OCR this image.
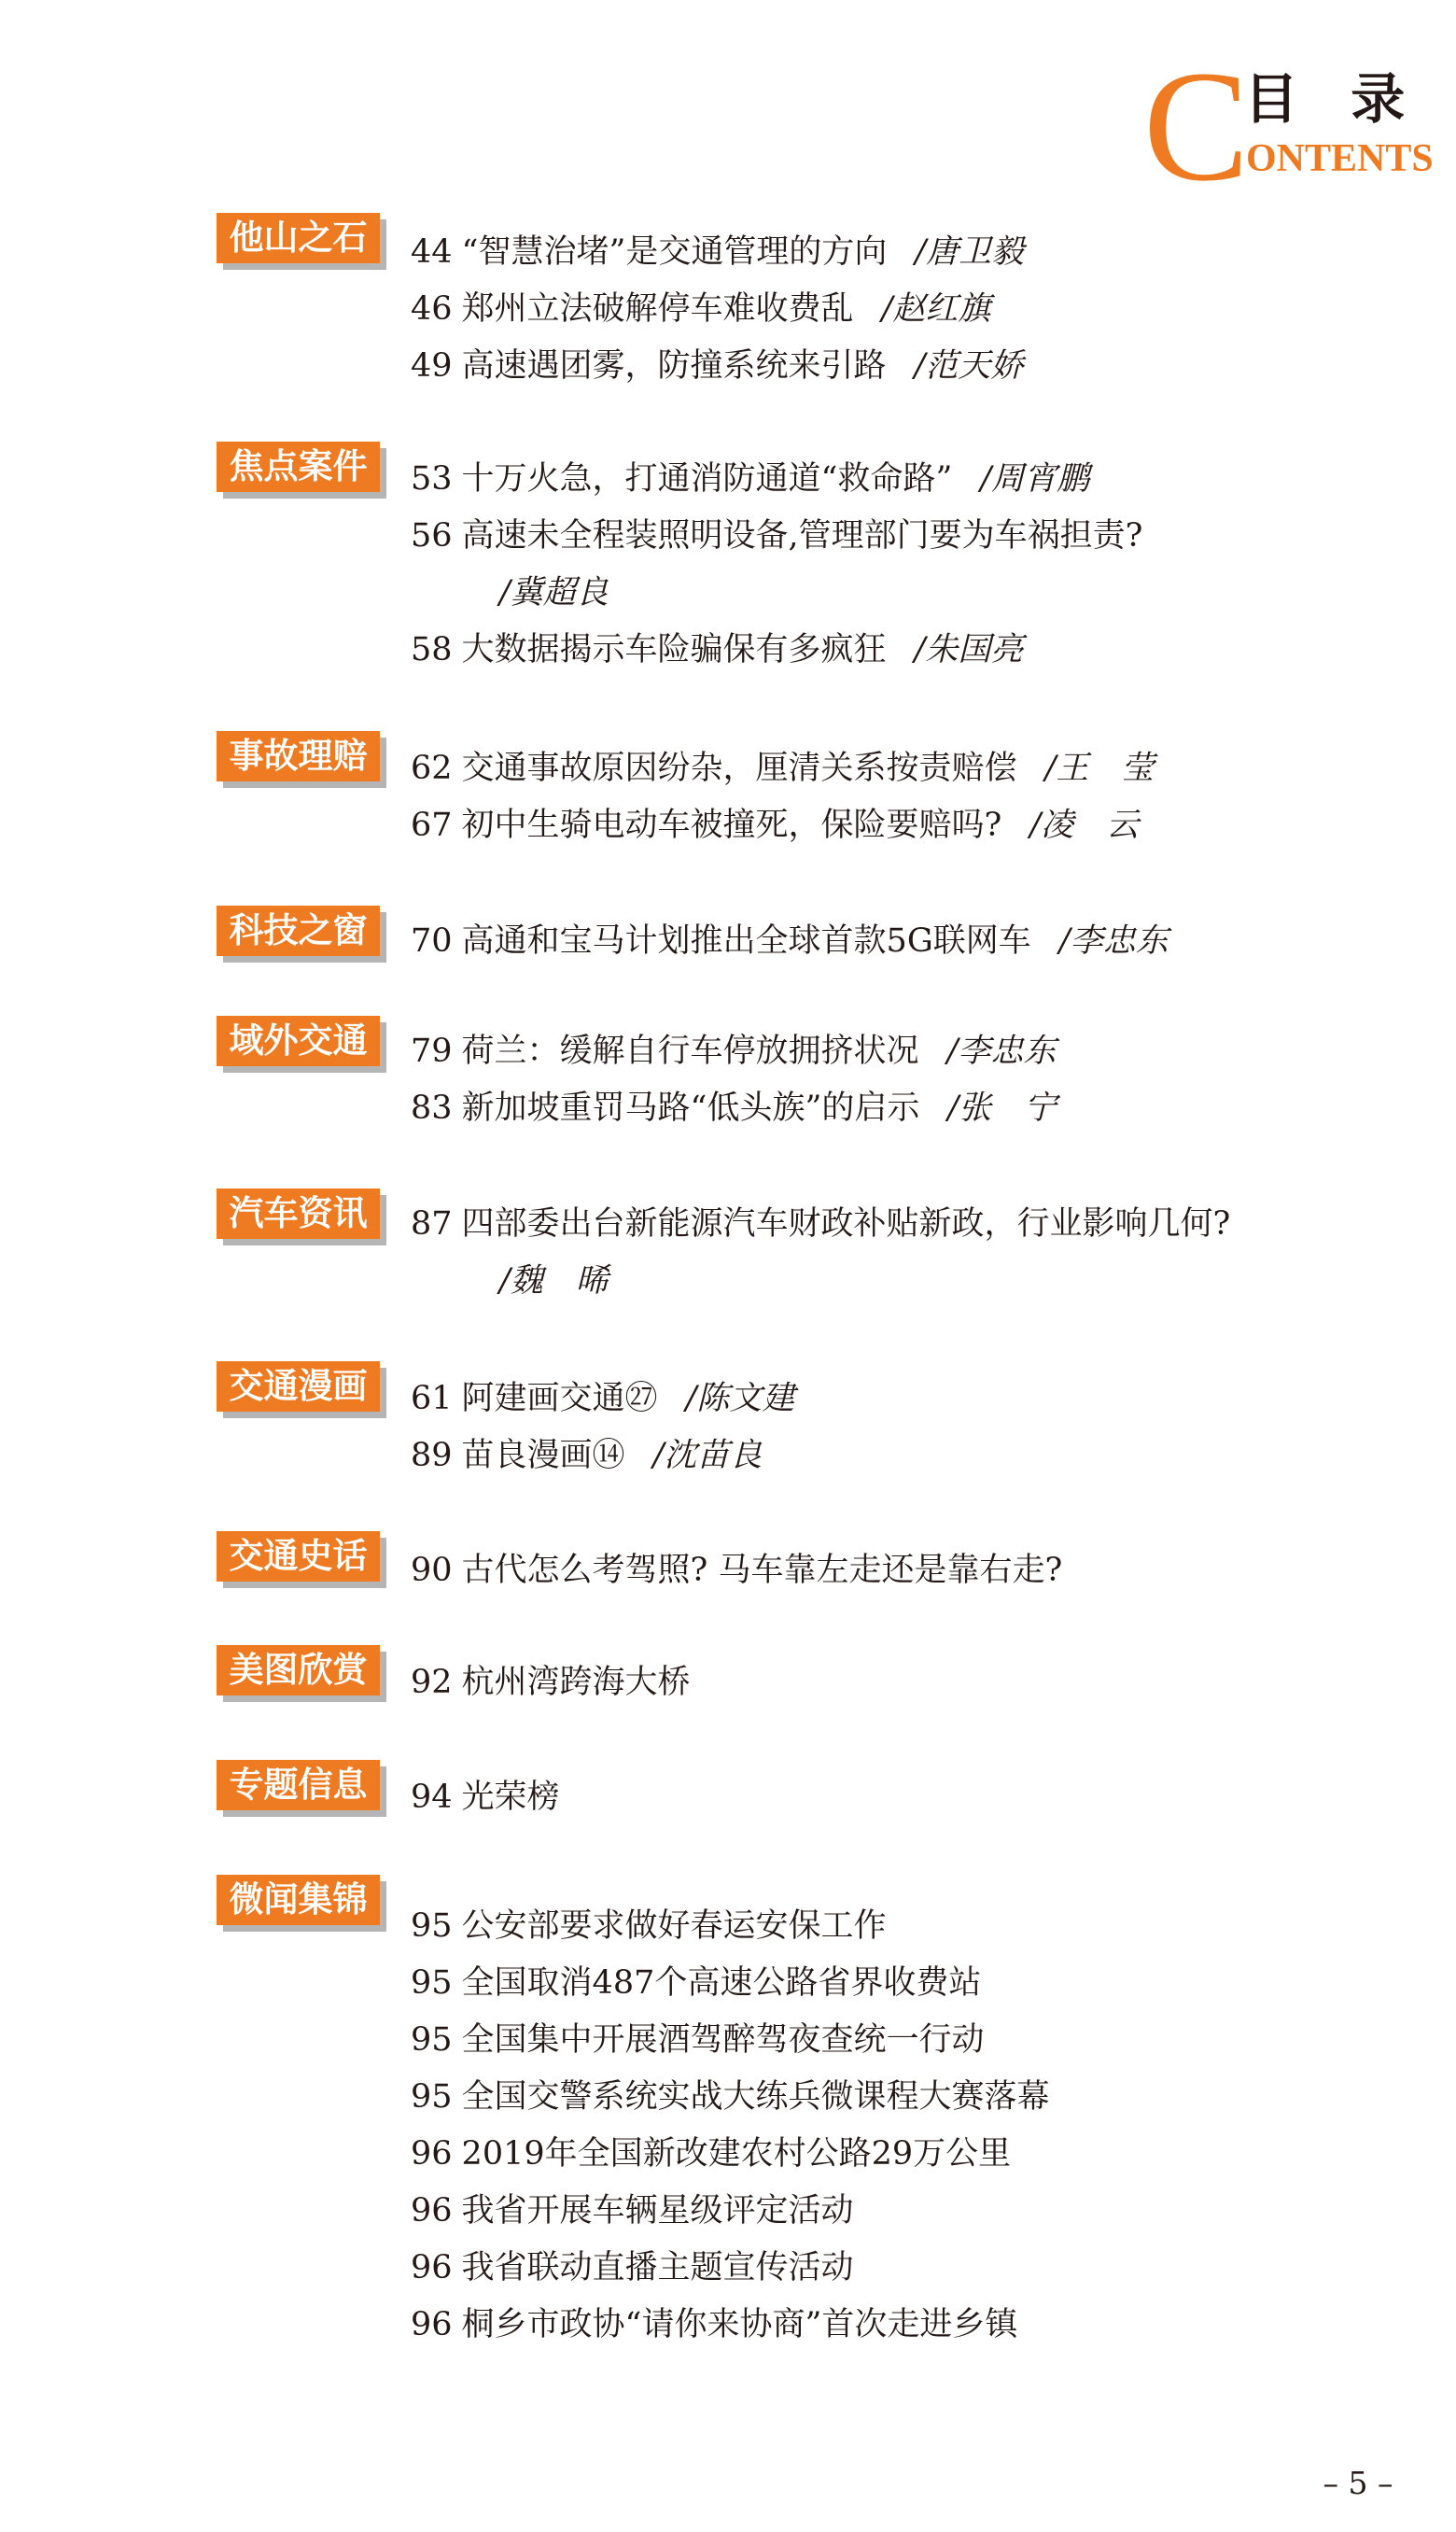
C
目 录
ONTENTS
他山之石	44 “智慧治堵”是交通管理的方向 /唐卫毅
46 郑州立法破解停车难收费乱 /赵红旗
49 高速遇团雾，防撞系统来引路 /范天娇
焦点案件	53 十万火急，打通消防通道“救命路” /周宵鹏
56 高速未全程装照明设备,管理部门要为车祸担责?
/冀超良
58 大数据揭示车险骗保有多疯狂 /朱国亮
事故理赔	62 交通事故原因纷杂，厘清关系按责赔偿 /王　莹
67 初中生骑电动车被撞死，保险要赔吗? /凌　云
科技之窗	70 高通和宝马计划推出全球首款5G联网车 /李忠东
域外交通	79 荷兰：缓解自行车停放拥挤状况 /李忠东
83 新加坡重罚马路“低头族”的启示 /张　宁
汽车资讯	87 四部委出台新能源汽车财政补贴新政，行业影响几何?
/魏　晞
交通漫画	61 阿建画交通㉗ /陈文建
89 苗良漫画⑭ /沈苗良
交通史话	90 古代怎么考驾照? 马车靠左走还是靠右走?
美图欣赏	92 杭州湾跨海大桥
专题信息	94 光荣榜
微闻集锦
95 公安部要求做好春运安保工作
95 全国取消487个高速公路省界收费站
95 全国集中开展酒驾醉驾夜查统一行动
95 全国交警系统实战大练兵微课程大赛落幕
96 2019年全国新改建农村公路29万公里
96 我省开展车辆星级评定活动
96 我省联动直播主题宣传活动
96 桐乡市政协“请你来协商”首次走进乡镇
– 5 –
